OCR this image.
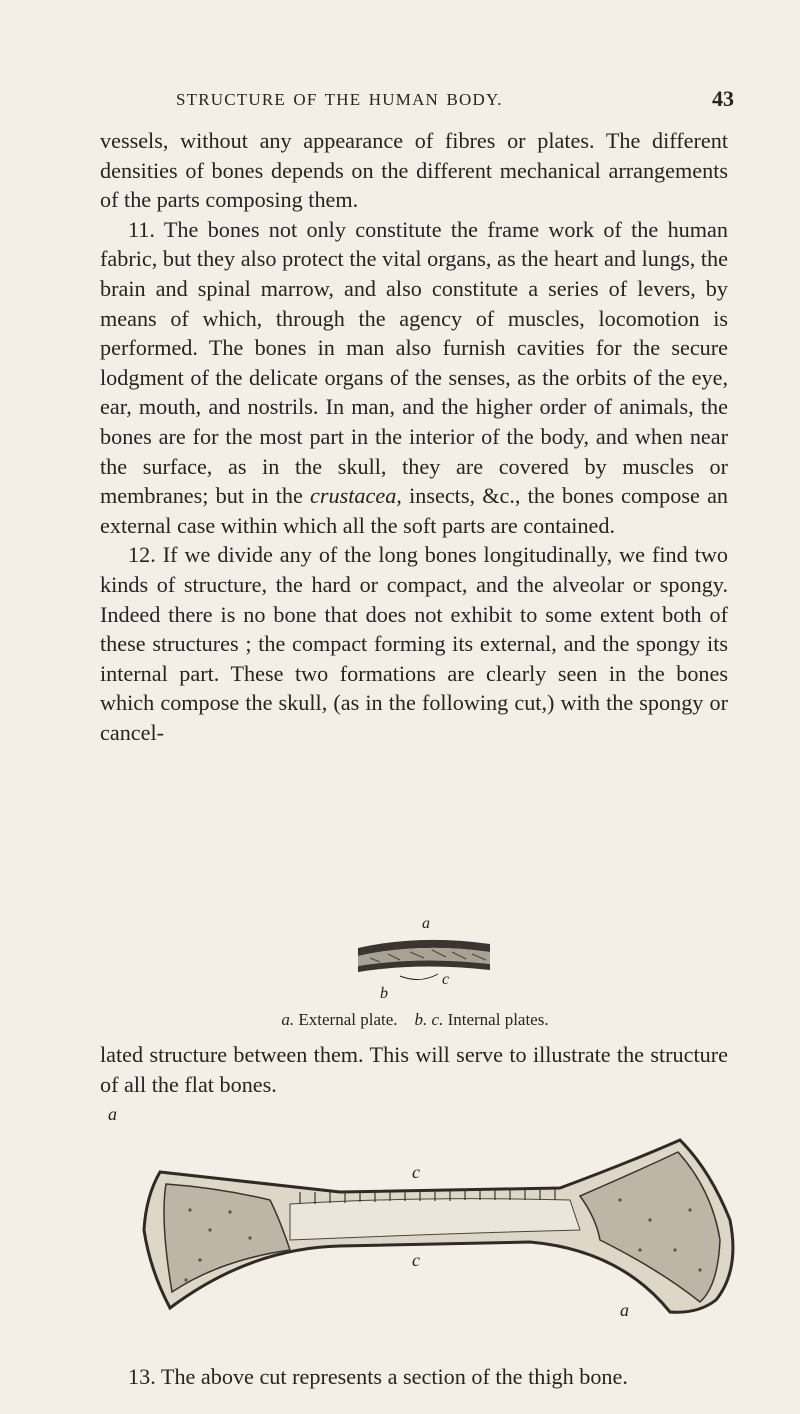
STRUCTURE OF THE HUMAN BODY.	43

vessels, without any appearance of fibres or plates. The different densities of bones depends on the different mechanical arrangements of the parts composing them.

11. The bones not only constitute the frame work of the human fabric, but they also protect the vital organs, as the heart and lungs, the brain and spinal marrow, and also constitute a series of levers, by means of which, through the agency of muscles, locomotion is performed. The bones in man also furnish cavities for the secure lodgment of the delicate organs of the senses, as the orbits of the eye, ear, mouth, and nostrils. In man, and the higher order of animals, the bones are for the most part in the interior of the body, and when near the surface, as in the skull, they are covered by muscles or membranes; but in the crustacea, insects, &c., the bones compose an external case within which all the soft parts are contained.

12. If we divide any of the long bones longitudinally, we find two kinds of structure, the hard or compact, and the alveolar or spongy. Indeed there is no bone that does not exhibit to some extent both of these structures ; the compact forming its external, and the spongy its internal part. These two formations are clearly seen in the bones which compose the skull, (as in the following cut,) with the spongy or cancel-

a
b
c
a. External plate. b. c. Internal plates.

lated structure between them. This will serve to illustrate the structure of all the flat bones.

a
c
c
a

13. The above cut represents a section of the thigh bone.
